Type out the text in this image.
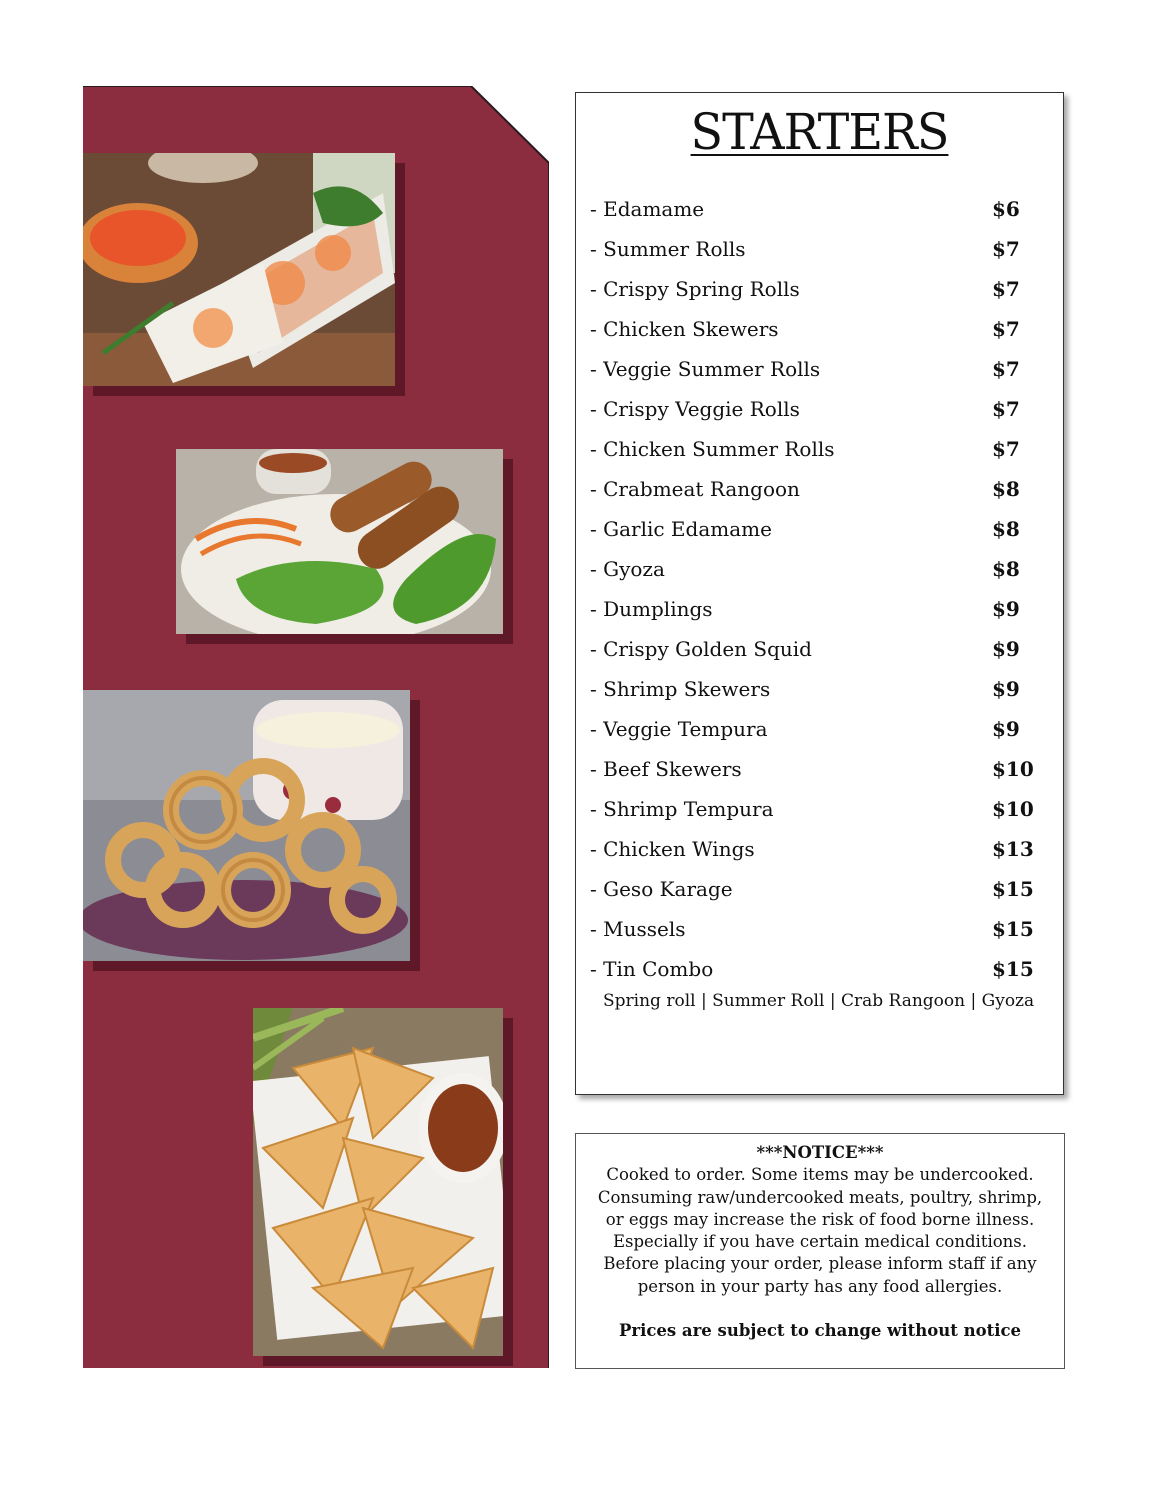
STARTERS
- Edamame	$6
- Summer Rolls	$7
- Crispy Spring Rolls	$7
- Chicken Skewers	$7
- Veggie Summer Rolls	$7
- Crispy Veggie Rolls	$7
- Chicken Summer Rolls	$7
- Crabmeat Rangoon	$8
- Garlic Edamame	$8
- Gyoza	$8
- Dumplings	$9
- Crispy Golden Squid	$9
- Shrimp Skewers	$9
- Veggie Tempura	$9
- Beef Skewers	$10
- Shrimp Tempura	$10
- Chicken Wings	$13
- Geso Karage	$15
- Mussels	$15
- Tin Combo	$15
Spring roll | Summer Roll | Crab Rangoon | Gyoza
***NOTICE***
Cooked to order. Some items may be undercooked. Consuming raw/undercooked meats, poultry, shrimp, or eggs may increase the risk of food borne illness. Especially if you have certain medical conditions. Before placing your order, please inform staff if any person in your party has any food allergies.
Prices are subject to change without notice
